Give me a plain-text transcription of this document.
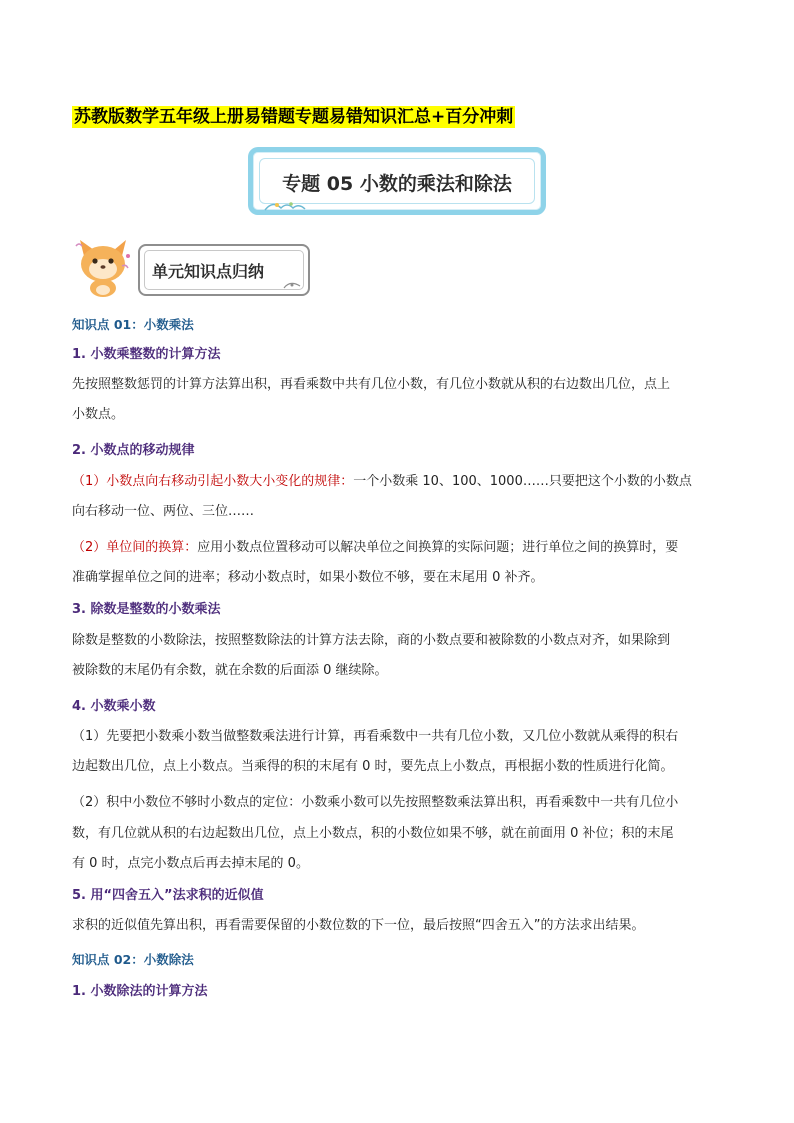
苏教版数学五年级上册易错题专题易错知识汇总+百分冲刺
专题 05 小数的乘法和除法
单元知识点归纳
知识点 01：小数乘法
1. 小数乘整数的计算方法
先按照整数惩罚的计算方法算出积，再看乘数中共有几位小数，有几位小数就从积的右边数出几位，点上
小数点。
2. 小数点的移动规律
（1）小数点向右移动引起小数大小变化的规律：一个小数乘 10、100、1000……只要把这个小数的小数点
向右移动一位、两位、三位……
（2）单位间的换算：应用小数点位置移动可以解决单位之间换算的实际问题；进行单位之间的换算时，要
准确掌握单位之间的进率；移动小数点时，如果小数位不够，要在末尾用 0 补齐。
3. 除数是整数的小数乘法
除数是整数的小数除法，按照整数除法的计算方法去除，商的小数点要和被除数的小数点对齐，如果除到
被除数的末尾仍有余数，就在余数的后面添 0 继续除。
4. 小数乘小数
（1）先要把小数乘小数当做整数乘法进行计算，再看乘数中一共有几位小数，又几位小数就从乘得的积右
边起数出几位，点上小数点。当乘得的积的末尾有 0 时，要先点上小数点，再根据小数的性质进行化简。
（2）积中小数位不够时小数点的定位：小数乘小数可以先按照整数乘法算出积，再看乘数中一共有几位小
数，有几位就从积的右边起数出几位，点上小数点，积的小数位如果不够，就在前面用 0 补位；积的末尾
有 0 时，点完小数点后再去掉末尾的 0。
5. 用“四舍五入”法求积的近似值
求积的近似值先算出积，再看需要保留的小数位数的下一位，最后按照“四舍五入”的方法求出结果。
知识点 02：小数除法
1. 小数除法的计算方法
